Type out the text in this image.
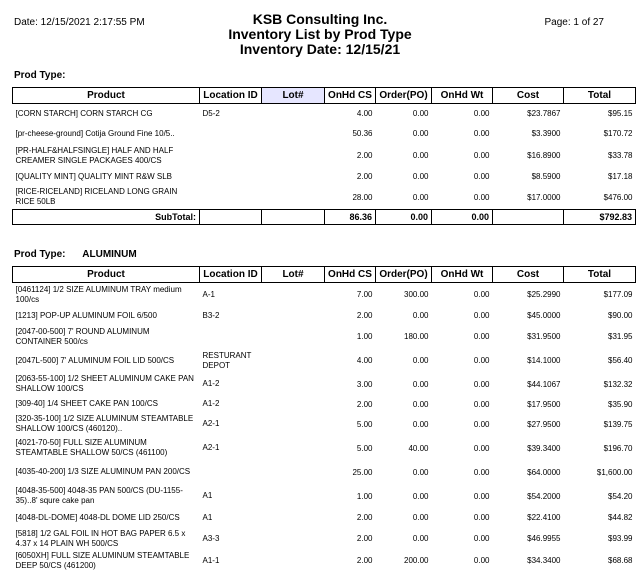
Date: 12/15/2021 2:17:55 PM	Page: 1 of 27
KSB Consulting Inc.
Inventory List by Prod Type
Inventory Date: 12/15/21
Prod Type:
Product	Location ID	Lot#	OnHd CS	Order(PO)	OnHd Wt	Cost	Total
[CORN STARCH] CORN STARCH CG	D5-2		4.00	0.00	0.00	$23.7867	$95.15
[pr-cheese-ground] Cotija Ground Fine 10/5..			50.36	0.00	0.00	$3.3900	$170.72
[PR-HALF&HALFSINGLE] HALF AND HALF CREAMER SINGLE PACKAGES 400/CS			2.00	0.00	0.00	$16.8900	$33.78
[QUALITY MINT] QUALITY MINT R&W SLB			2.00	0.00	0.00	$8.5900	$17.18
[RICE-RICELAND] RICELAND LONG GRAIN RICE 50LB			28.00	0.00	0.00	$17.0000	$476.00
SubTotal:			86.36	0.00	0.00		$792.83
Prod Type: ALUMINUM
Product	Location ID	Lot#	OnHd CS	Order(PO)	OnHd Wt	Cost	Total
[0461124] 1/2 SIZE ALUMINUM TRAY medium 100/cs	A-1		7.00	300.00	0.00	$25.2990	$177.09
[1213] POP-UP ALUMINUM FOIL 6/500	B3-2		2.00	0.00	0.00	$45.0000	$90.00
[2047-00-500] 7' ROUND ALUMINUM CONTAINER 500/cs			1.00	180.00	0.00	$31.9500	$31.95
[2047L-500] 7' ALUMINUM FOIL LID 500/CS	RESTURANT DEPOT		4.00	0.00	0.00	$14.1000	$56.40
[2063-55-100] 1/2 SHEET ALUMINUM CAKE PAN SHALLOW 100/CS	A1-2		3.00	0.00	0.00	$44.1067	$132.32
[309-40] 1/4 SHEET CAKE PAN 100/CS	A1-2		2.00	0.00	0.00	$17.9500	$35.90
[320-35-100] 1/2 SIZE ALUMINUM STEAMTABLE SHALLOW 100/CS (460120)..	A2-1		5.00	0.00	0.00	$27.9500	$139.75
[4021-70-50] FULL SIZE ALUMINUM STEAMTABLE SHALLOW 50/CS (461100)	A2-1		5.00	40.00	0.00	$39.3400	$196.70
[4035-40-200] 1/3 SIZE ALUMINUM PAN 200/CS			25.00	0.00	0.00	$64.0000	$1,600.00
[4048-35-500] 4048-35 PAN 500/CS (DU-1155-35)..8' squre cake pan	A1		1.00	0.00	0.00	$54.2000	$54.20
[4048-DL-DOME] 4048-DL DOME LID 250/CS	A1		2.00	0.00	0.00	$22.4100	$44.82
[5818] 1/2 GAL FOIL IN HOT BAG PAPER 6.5 x 4.37 x 14 PLAIN WH 500/CS	A3-3		2.00	0.00	0.00	$46.9955	$93.99
[6050XH] FULL SIZE ALUMINUM STEAMTABLE DEEP 50/CS (461200)	A1-1		2.00	200.00	0.00	$34.3400	$68.68
